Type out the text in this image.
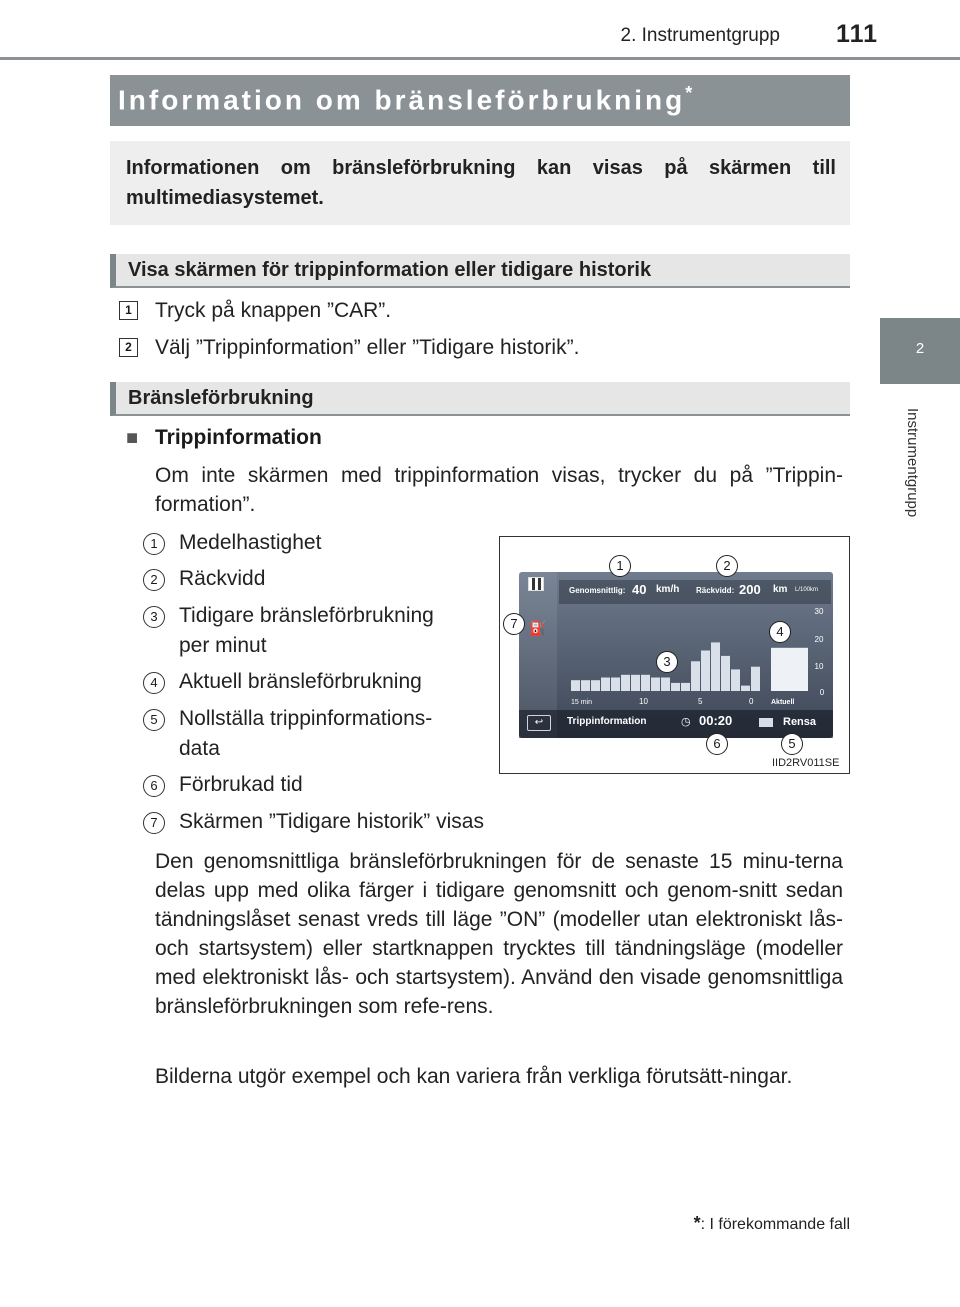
2. Instrumentgrupp 111
2
Instrumentgrupp
Information om bränsleförbrukning*
Informationen om bränsleförbrukning kan visas på skärmen till multimediasystemet.
Visa skärmen för trippinformation eller tidigare historik
1 Tryck på knappen ”CAR”.
2 Välj ”Trippinformation” eller ”Tidigare historik”.
Bränsleförbrukning
■ Trippinformation
Om inte skärmen med trippinformation visas, trycker du på ”Trippin-formation”.
1	Medelhastighet
2	Räckvidd
3	Tidigare bränsleförbrukning
per minut
4	Aktuell bränsleförbrukning
5	Nollställa trippinformations-
data
6	Förbrukad tid
7	Skärmen ”Tidigare historik” visas
Den genomsnittliga bränsleförbrukningen för de senaste 15 minu-terna delas upp med olika färger i tidigare genomsnitt och genom-snitt sedan tändningslåset senast vreds till läge ”ON” (modeller utan elektroniskt lås- och startsystem) eller startknappen trycktes till tändningsläge (modeller med elektroniskt lås- och startsystem). Använd den visade genomsnittliga bränsleförbrukningen som refe-rens.
Bilderna utgör exempel och kan variera från verkliga förutsätt-ningar.
⛽
Genomsnittlig: 40 km/h Räckvidd: 200 km L/100km
30
20
10
0
15 min	10	5	0	Aktuell
↩	Trippinformation	◷ 00:20	Rensa
1	2
3
4
5
6
7
IID2RV011SE
*: I förekommande fall
